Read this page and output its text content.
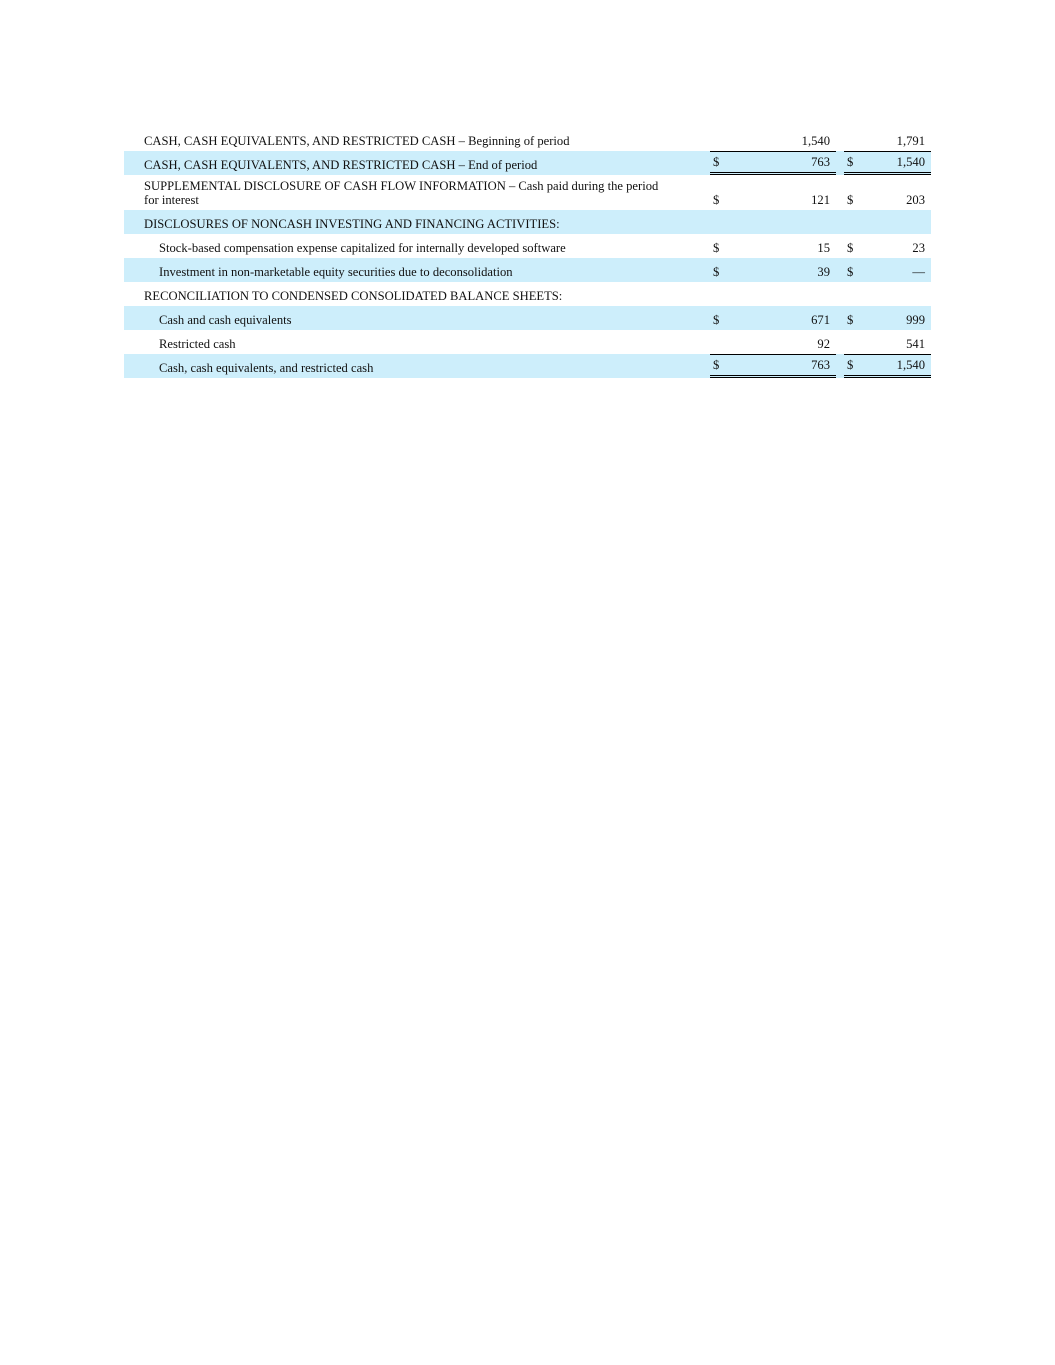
CASH, CASH EQUIVALENTS, AND RESTRICTED CASH – Beginning of period		1,540			1,791
CASH, CASH EQUIVALENTS, AND RESTRICTED CASH – End of period	$	763		$	1,540
SUPPLEMENTAL DISCLOSURE OF CASH FLOW INFORMATION – Cash paid during the period
for interest	$	121		$	203
DISCLOSURES OF NONCASH INVESTING AND FINANCING ACTIVITIES:					
Stock-based compensation expense capitalized for internally developed software	$	15		$	23
Investment in non-marketable equity securities due to deconsolidation	$	39		$	—
RECONCILIATION TO CONDENSED CONSOLIDATED BALANCE SHEETS:					
Cash and cash equivalents	$	671		$	999
Restricted cash		92			541
Cash, cash equivalents, and restricted cash	$	763		$	1,540
